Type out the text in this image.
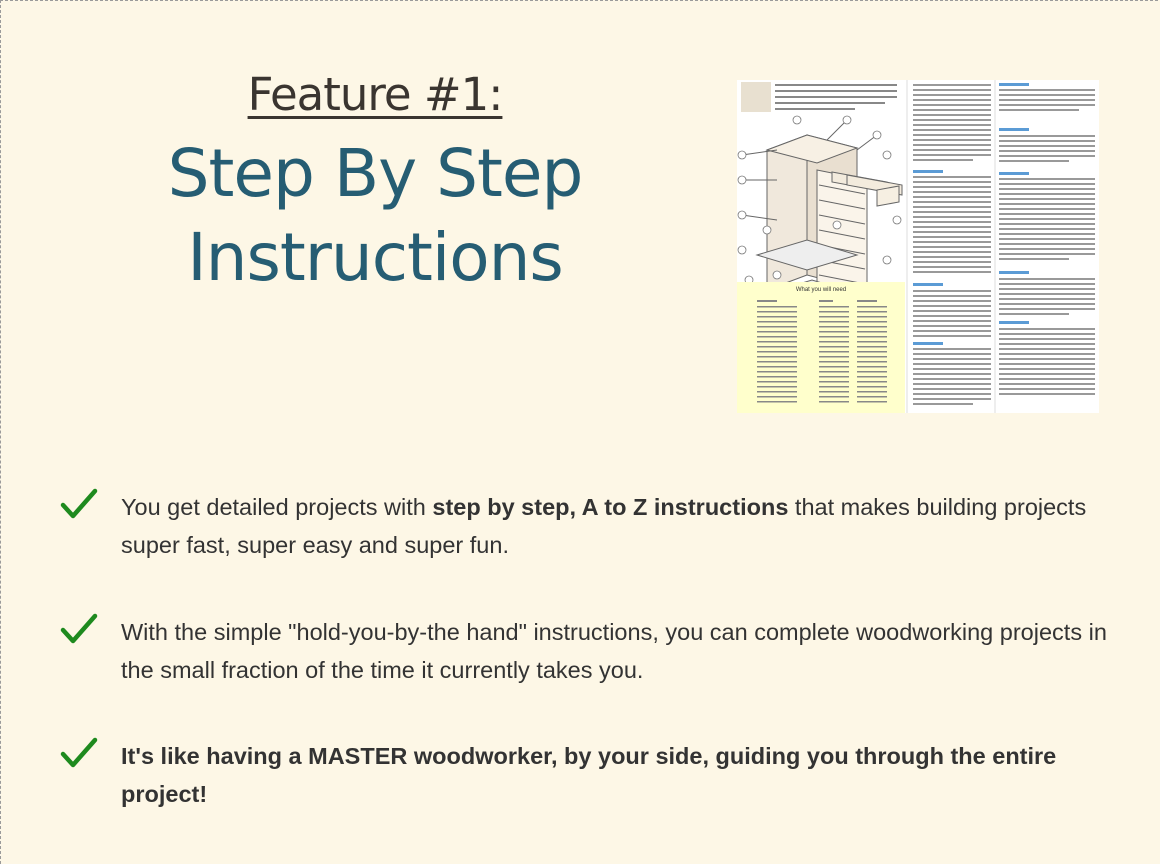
Feature #1:
Step By Step
Instructions	What you will need
You get detailed projects with step by step, A to Z instructions that makes building projects super fast, super easy and super fun.
With the simple "hold-you-by-the hand" instructions, you can complete woodworking projects in the small fraction of the time it currently takes you.
It's like having a MASTER woodworker, by your side, guiding you through the entire project!
